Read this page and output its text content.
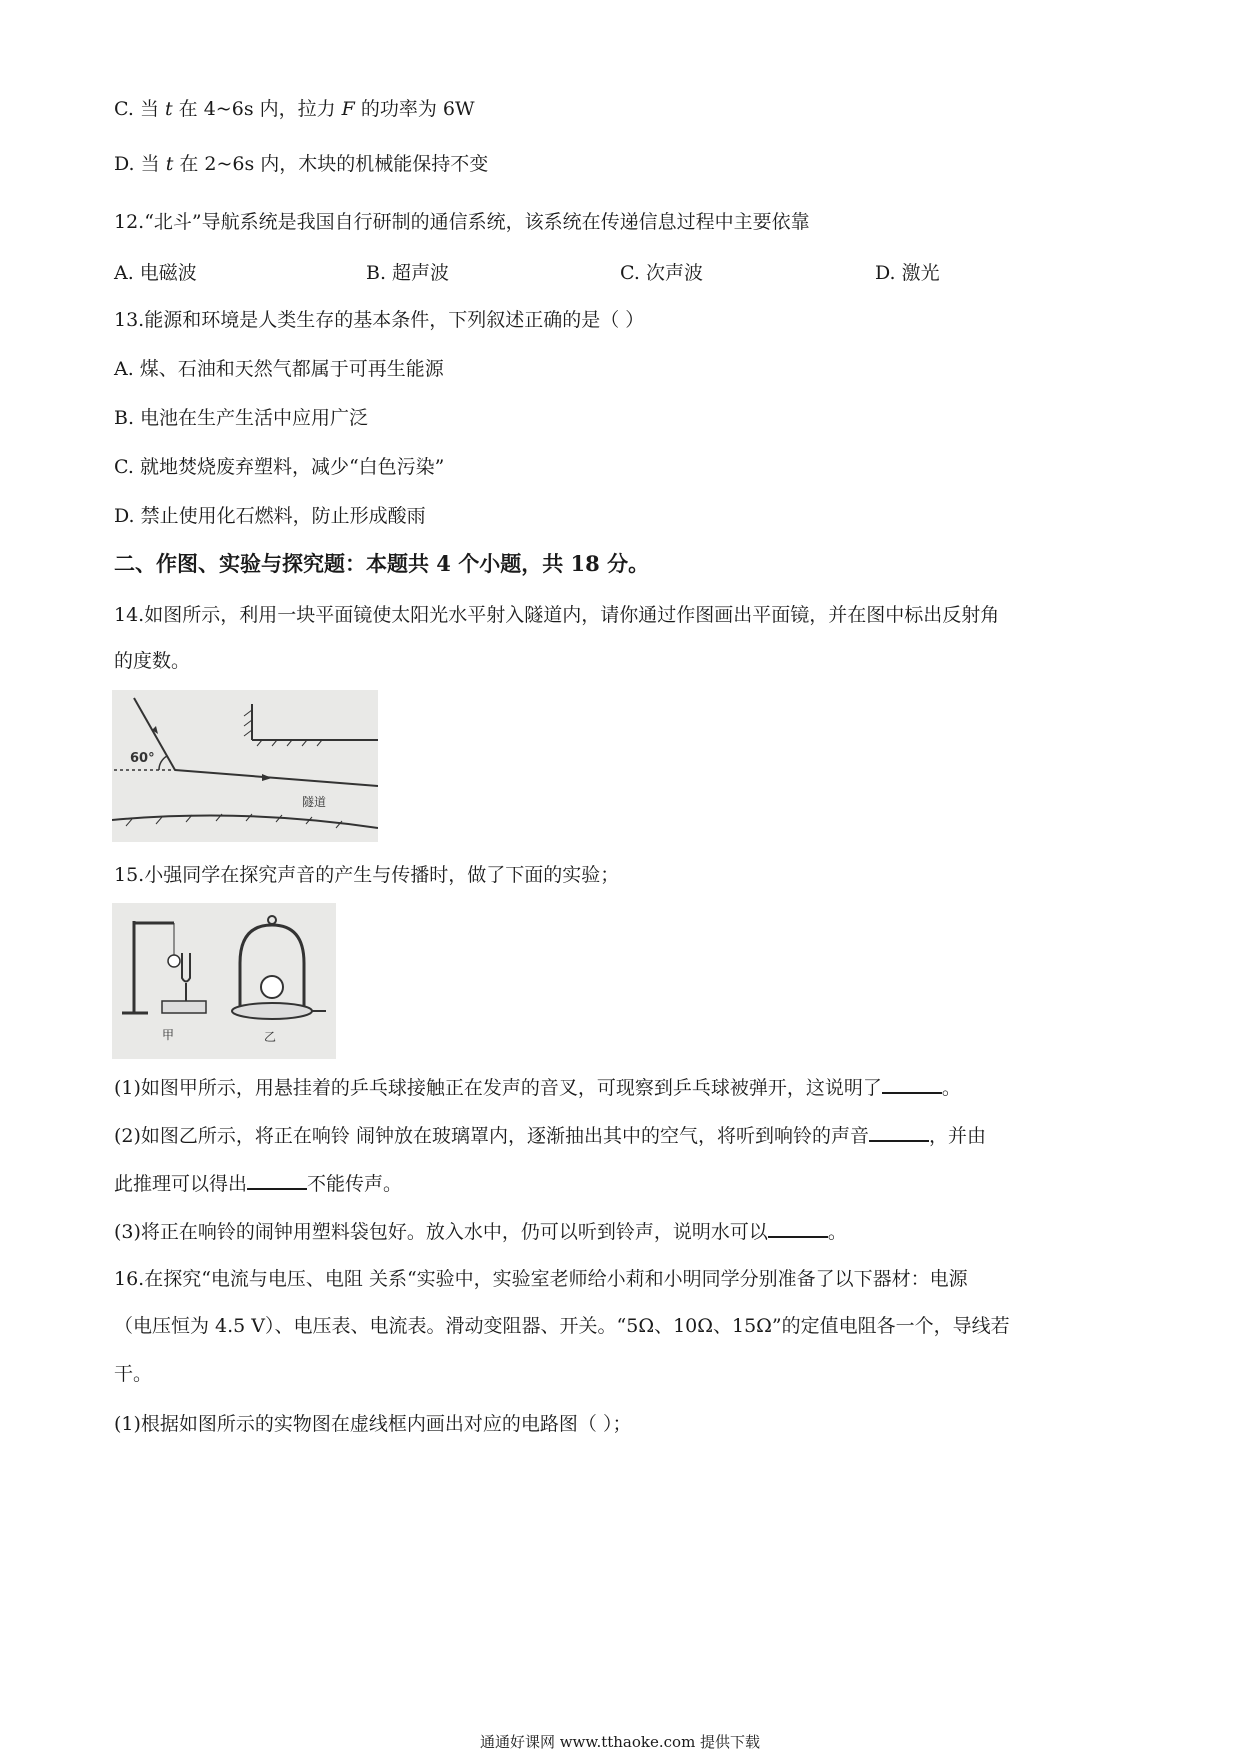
C. 当 t 在 4~6s 内，拉力 F 的功率为 6W
D. 当 t 在 2~6s 内，木块的机械能保持不变
12.“北斗”导航系统是我国自行研制的通信系统，该系统在传递信息过程中主要依靠
A. 电磁波	B. 超声波	C. 次声波	D. 激光
13.能源和环境是人类生存的基本条件，下列叙述正确的是（ ）
A. 煤、石油和天然气都属于可再生能源
B. 电池在生产生活中应用广泛
C. 就地焚烧废弃塑料，减少“白色污染”
D. 禁止使用化石燃料，防止形成酸雨
二、作图、实验与探究题：本题共 4 个小题，共 18 分。
14.如图所示，利用一块平面镜使太阳光水平射入隧道内，请你通过作图画出平面镜，并在图中标出反射角
的度数。
60°
隧道
15.小强同学在探究声音的产生与传播时，做了下面的实验；
甲	乙
(1)如图甲所示，用悬挂着的乒乓球接触正在发声的音叉，可现察到乒乓球被弹开，这说明了	。
(2)如图乙所示，将正在响铃 闹钟放在玻璃罩内，逐渐抽出其中的空气，将听到响铃的声音	，并由
此推理可以得出	不能传声。
(3)将正在响铃的闹钟用塑料袋包好。放入水中，仍可以听到铃声，说明水可以	。
16.在探究“电流与电压、电阻 关系“实验中，实验室老师给小莉和小明同学分别准备了以下器材：电源
（电压恒为 4.5 V）、电压表、电流表。滑动变阻器、开关。“5Ω、10Ω、15Ω”的定值电阻各一个，导线若
干。
(1)根据如图所示的实物图在虚线框内画出对应的电路图（ ）；
通通好课网 www.tthaoke.com 提供下载
